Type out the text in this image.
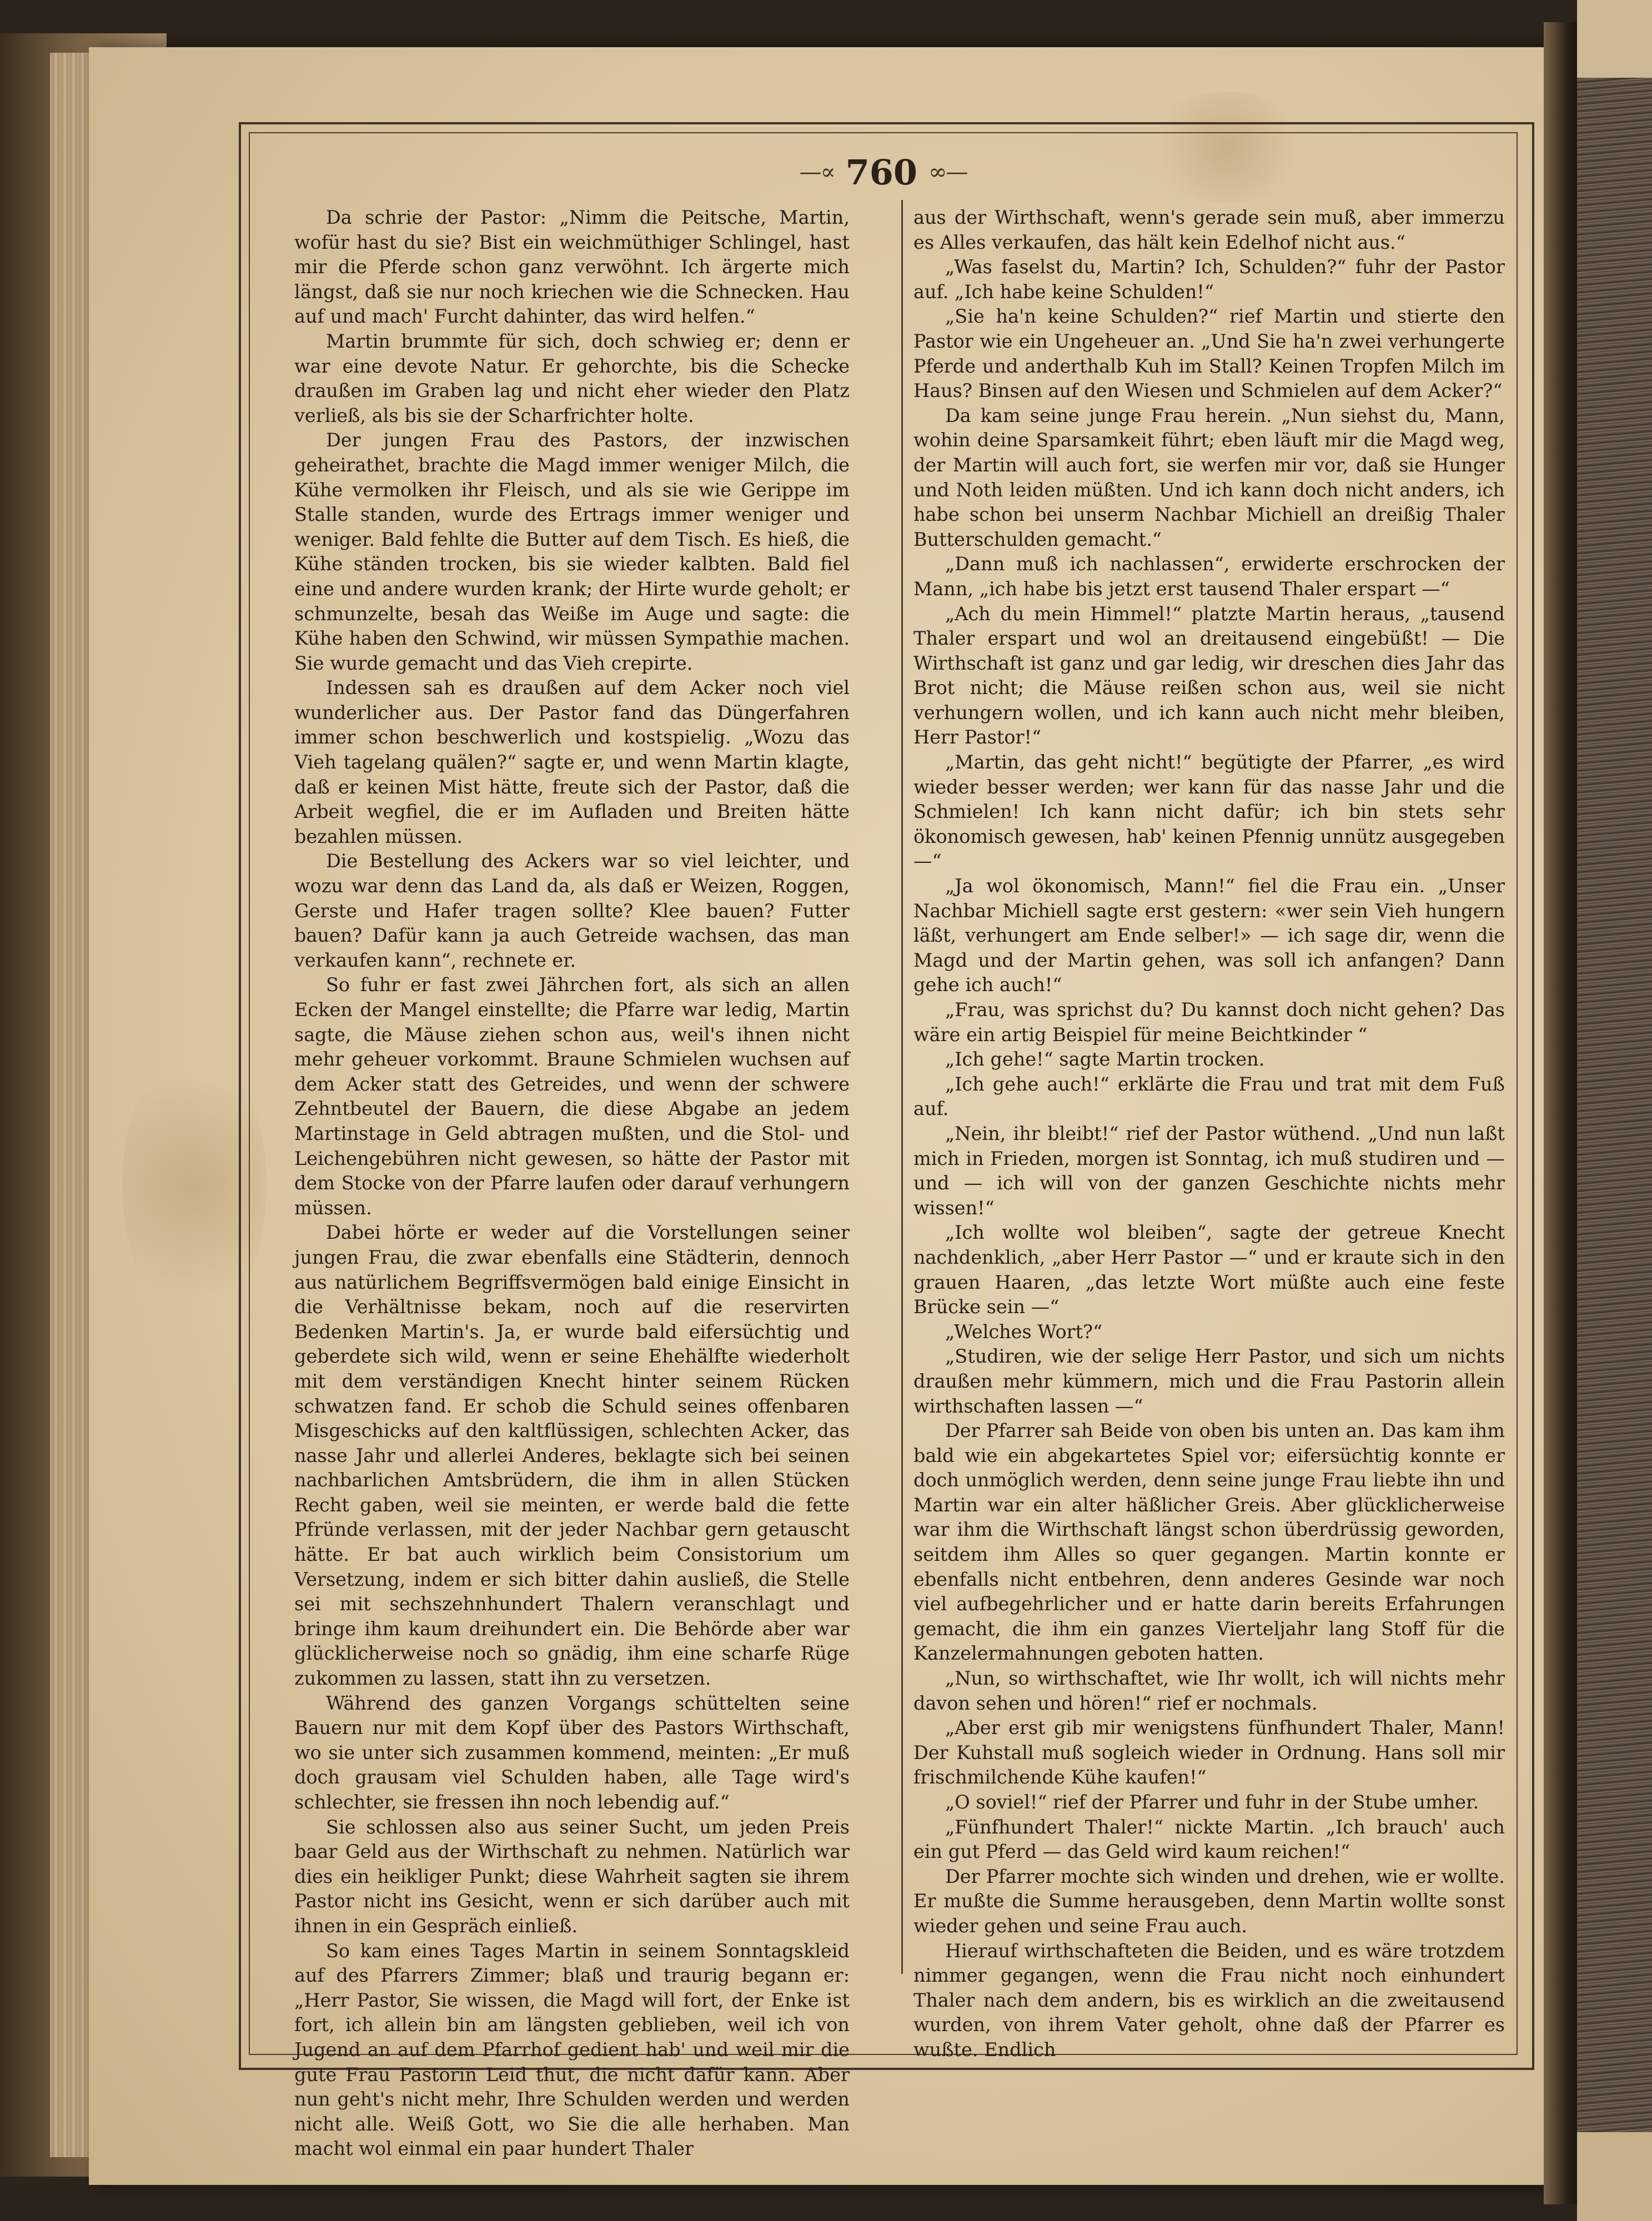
—∝ 760 ∞—

Da schrie der Pastor: „Nimm die Peitsche, Martin, wofür hast du sie? Bist ein weichmüthiger Schlingel, hast mir die Pferde schon ganz verwöhnt. Ich ärgerte mich längst, daß sie nur noch kriechen wie die Schnecken. Hau auf und mach' Furcht dahinter, das wird helfen.“

Martin brummte für sich, doch schwieg er; denn er war eine devote Natur. Er gehorchte, bis die Schecke draußen im Graben lag und nicht eher wieder den Platz verließ, als bis sie der Scharfrichter holte.

Der jungen Frau des Pastors, der inzwischen geheirathet, brachte die Magd immer weniger Milch, die Kühe vermolken ihr Fleisch, und als sie wie Gerippe im Stalle standen, wurde des Ertrags immer weniger und weniger. Bald fehlte die Butter auf dem Tisch. Es hieß, die Kühe ständen trocken, bis sie wieder kalbten. Bald fiel eine und andere wurden krank; der Hirte wurde geholt; er schmunzelte, besah das Weiße im Auge und sagte: die Kühe haben den Schwind, wir müssen Sympathie machen. Sie wurde gemacht und das Vieh crepirte.

Indessen sah es draußen auf dem Acker noch viel wunderlicher aus. Der Pastor fand das Düngerfahren immer schon beschwerlich und kostspielig. „Wozu das Vieh tagelang quälen?“ sagte er, und wenn Martin klagte, daß er keinen Mist hätte, freute sich der Pastor, daß die Arbeit wegfiel, die er im Aufladen und Breiten hätte bezahlen müssen.

Die Bestellung des Ackers war so viel leichter, und wozu war denn das Land da, als daß er Weizen, Roggen, Gerste und Hafer tragen sollte? Klee bauen? Futter bauen? Dafür kann ja auch Getreide wachsen, das man verkaufen kann“, rechnete er.

So fuhr er fast zwei Jährchen fort, als sich an allen Ecken der Mangel einstellte; die Pfarre war ledig, Martin sagte, die Mäuse ziehen schon aus, weil's ihnen nicht mehr geheuer vorkommt. Braune Schmielen wuchsen auf dem Acker statt des Getreides, und wenn der schwere Zehntbeutel der Bauern, die diese Abgabe an jedem Martinstage in Geld abtragen mußten, und die Stol- und Leichengebühren nicht gewesen, so hätte der Pastor mit dem Stocke von der Pfarre laufen oder darauf verhungern müssen.

Dabei hörte er weder auf die Vorstellungen seiner jungen Frau, die zwar ebenfalls eine Städterin, dennoch aus natürlichem Begriffsvermögen bald einige Einsicht in die Verhältnisse bekam, noch auf die reservirten Bedenken Martin's. Ja, er wurde bald eifersüchtig und geberdete sich wild, wenn er seine Ehehälfte wiederholt mit dem verständigen Knecht hinter seinem Rücken schwatzen fand. Er schob die Schuld seines offenbaren Misgeschicks auf den kaltflüssigen, schlechten Acker, das nasse Jahr und allerlei Anderes, beklagte sich bei seinen nachbarlichen Amtsbrüdern, die ihm in allen Stücken Recht gaben, weil sie meinten, er werde bald die fette Pfründe verlassen, mit der jeder Nachbar gern getauscht hätte. Er bat auch wirklich beim Consistorium um Versetzung, indem er sich bitter dahin ausließ, die Stelle sei mit sechszehnhundert Thalern veranschlagt und bringe ihm kaum dreihundert ein. Die Behörde aber war glücklicherweise noch so gnädig, ihm eine scharfe Rüge zukommen zu lassen, statt ihn zu versetzen.

Während des ganzen Vorgangs schüttelten seine Bauern nur mit dem Kopf über des Pastors Wirthschaft, wo sie unter sich zusammen kommend, meinten: „Er muß doch grausam viel Schulden haben, alle Tage wird's schlechter, sie fressen ihn noch lebendig auf.“

Sie schlossen also aus seiner Sucht, um jeden Preis baar Geld aus der Wirthschaft zu nehmen. Natürlich war dies ein heikliger Punkt; diese Wahrheit sagten sie ihrem Pastor nicht ins Gesicht, wenn er sich darüber auch mit ihnen in ein Gespräch einließ.

So kam eines Tages Martin in seinem Sonntagskleid auf des Pfarrers Zimmer; blaß und traurig begann er: „Herr Pastor, Sie wissen, die Magd will fort, der Enke ist fort, ich allein bin am längsten geblieben, weil ich von Jugend an auf dem Pfarrhof gedient hab' und weil mir die gute Frau Pastorin Leid thut, die nicht dafür kann. Aber nun geht's nicht mehr, Ihre Schulden werden und werden nicht alle. Weiß Gott, wo Sie die alle herhaben. Man macht wol einmal ein paar hundert Thaler

aus der Wirthschaft, wenn's gerade sein muß, aber immerzu es Alles verkaufen, das hält kein Edelhof nicht aus.“

„Was faselst du, Martin? Ich, Schulden?“ fuhr der Pastor auf. „Ich habe keine Schulden!“

„Sie ha'n keine Schulden?“ rief Martin und stierte den Pastor wie ein Ungeheuer an. „Und Sie ha'n zwei verhungerte Pferde und anderthalb Kuh im Stall? Keinen Tropfen Milch im Haus? Binsen auf den Wiesen und Schmielen auf dem Acker?“

Da kam seine junge Frau herein. „Nun siehst du, Mann, wohin deine Sparsamkeit führt; eben läuft mir die Magd weg, der Martin will auch fort, sie werfen mir vor, daß sie Hunger und Noth leiden müßten. Und ich kann doch nicht anders, ich habe schon bei unserm Nachbar Michiell an dreißig Thaler Butterschulden gemacht.“

„Dann muß ich nachlassen“, erwiderte erschrocken der Mann, „ich habe bis jetzt erst tausend Thaler erspart —“

„Ach du mein Himmel!“ platzte Martin heraus, „tausend Thaler erspart und wol an dreitausend eingebüßt! — Die Wirthschaft ist ganz und gar ledig, wir dreschen dies Jahr das Brot nicht; die Mäuse reißen schon aus, weil sie nicht verhungern wollen, und ich kann auch nicht mehr bleiben, Herr Pastor!“

„Martin, das geht nicht!“ begütigte der Pfarrer, „es wird wieder besser werden; wer kann für das nasse Jahr und die Schmielen! Ich kann nicht dafür; ich bin stets sehr ökonomisch gewesen, hab' keinen Pfennig unnütz ausgegeben —“

„Ja wol ökonomisch, Mann!“ fiel die Frau ein. „Unser Nachbar Michiell sagte erst gestern: «wer sein Vieh hungern läßt, verhungert am Ende selber!» — ich sage dir, wenn die Magd und der Martin gehen, was soll ich anfangen? Dann gehe ich auch!“

„Frau, was sprichst du? Du kannst doch nicht gehen? Das wäre ein artig Beispiel für meine Beichtkinder “

„Ich gehe!“ sagte Martin trocken.

„Ich gehe auch!“ erklärte die Frau und trat mit dem Fuß auf.

„Nein, ihr bleibt!“ rief der Pastor wüthend. „Und nun laßt mich in Frieden, morgen ist Sonntag, ich muß studiren und — und — ich will von der ganzen Geschichte nichts mehr wissen!“

„Ich wollte wol bleiben“, sagte der getreue Knecht nachdenklich, „aber Herr Pastor —“ und er kraute sich in den grauen Haaren, „das letzte Wort müßte auch eine feste Brücke sein —“

„Welches Wort?“

„Studiren, wie der selige Herr Pastor, und sich um nichts draußen mehr kümmern, mich und die Frau Pastorin allein wirthschaften lassen —“

Der Pfarrer sah Beide von oben bis unten an. Das kam ihm bald wie ein abgekartetes Spiel vor; eifersüchtig konnte er doch unmöglich werden, denn seine junge Frau liebte ihn und Martin war ein alter häßlicher Greis. Aber glücklicherweise war ihm die Wirthschaft längst schon überdrüssig geworden, seitdem ihm Alles so quer gegangen. Martin konnte er ebenfalls nicht entbehren, denn anderes Gesinde war noch viel aufbegehrlicher und er hatte darin bereits Erfahrungen gemacht, die ihm ein ganzes Vierteljahr lang Stoff für die Kanzelermahnungen geboten hatten.

„Nun, so wirthschaftet, wie Ihr wollt, ich will nichts mehr davon sehen und hören!“ rief er nochmals.

„Aber erst gib mir wenigstens fünfhundert Thaler, Mann! Der Kuhstall muß sogleich wieder in Ordnung. Hans soll mir frischmilchende Kühe kaufen!“

„O soviel!“ rief der Pfarrer und fuhr in der Stube umher.

„Fünfhundert Thaler!“ nickte Martin. „Ich brauch' auch ein gut Pferd — das Geld wird kaum reichen!“

Der Pfarrer mochte sich winden und drehen, wie er wollte. Er mußte die Summe herausgeben, denn Martin wollte sonst wieder gehen und seine Frau auch.

Hierauf wirthschafteten die Beiden, und es wäre trotzdem nimmer gegangen, wenn die Frau nicht noch einhundert Thaler nach dem andern, bis es wirklich an die zweitausend wurden, von ihrem Vater geholt, ohne daß der Pfarrer es wußte. Endlich
